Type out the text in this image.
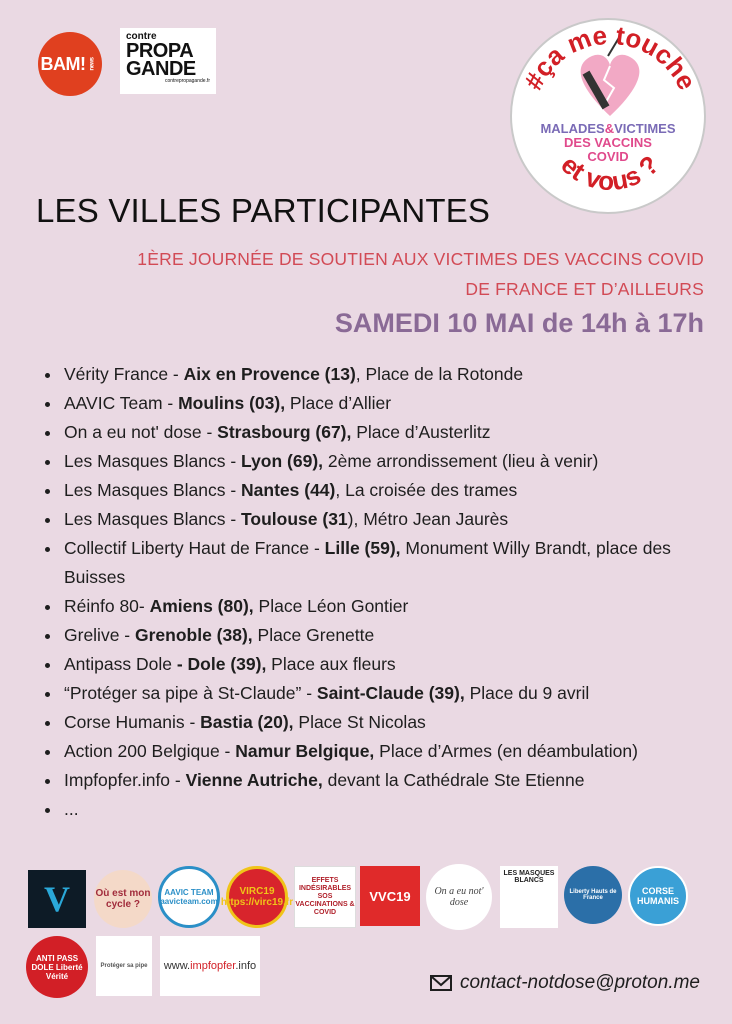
BAM! news
contre
PROPA
GANDE
contrepropagande.fr	#ça me touche
et vous ?
MALADES&VICTIMES
DES VACCINS
COVID
LES VILLES PARTICIPANTES
1ÈRE JOURNÉE DE SOUTIEN AUX VICTIMES DES VACCINS COVID
DE FRANCE ET D’AILLEURS
SAMEDI 10 MAI de 14h à 17h
• Vérity France - Aix en Provence (13), Place de la Rotonde
• AAVIC Team - Moulins (03), Place d’Allier
• On a eu not' dose - Strasbourg (67), Place d’Austerlitz
• Les Masques Blancs - Lyon (69), 2ème arrondissement (lieu à venir)
• Les Masques Blancs - Nantes (44), La croisée des trames
• Les Masques Blancs - Toulouse (31), Métro Jean Jaurès
• Collectif Liberty Haut de France - Lille (59), Monument Willy Brandt, place des Buisses
• Réinfo 80- Amiens (80), Place Léon Gontier
• Grelive - Grenoble (38), Place Grenette
• Antipass Dole - Dole (39), Place aux fleurs
• “Protéger sa pipe à St-Claude” - Saint-Claude (39), Place du 9 avril
• Corse Humanis - Bastia (20), Place St Nicolas
• Action 200 Belgique - Namur Belgique, Place d’Armes (en déambulation)
• Impfopfer.info - Vienne Autriche, devant la Cathédrale Ste Etienne
• ...
V	Où est mon cycle ?
AAVIC TEAM aavicteam.com
VIRC19 https://virc19.fr
EFFETS INDÉSIRABLES SOS VACCINATIONS & COVID
VVC19	On a eu not' dose
LES MASQUES BLANCS
Liberty Hauts de France
CORSE HUMANIS
ANTI PASS DOLE Liberté Vérité
Protéger sa pipe	www.impfopfer.info
contact-notdose@proton.me
